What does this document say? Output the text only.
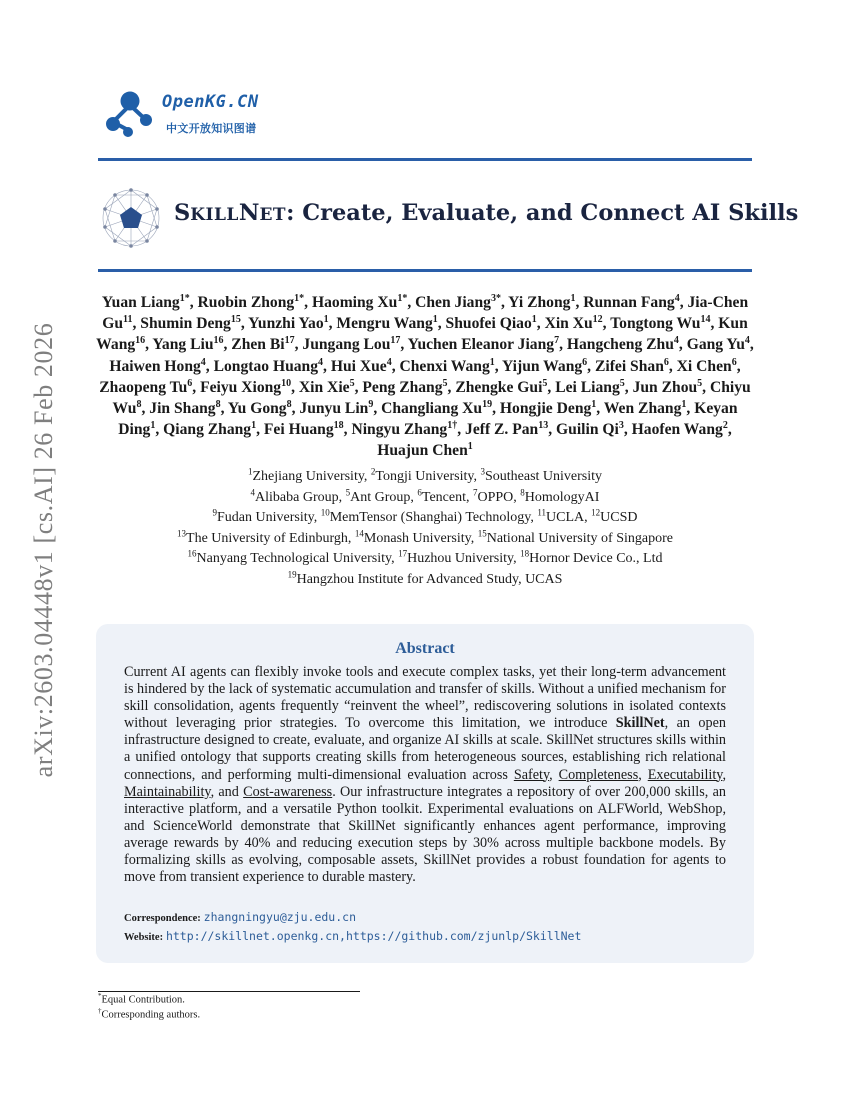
arXiv:2603.04448v1 [cs.AI] 26 Feb 2026
OpenKG.CN
中文开放知识图谱
SKILLNET: Create, Evaluate, and Connect AI Skills
Yuan Liang$^{1*}$, Ruobin Zhong$^{1*}$, Haoming $Xu^{1*}$, Chen Jiang$^{3*}$, Yi Zhong$^1$, Runnan Fang$^4$, Jia-Chen Gu$^{11}$, Shumin Deng$^{15}$, Yunzhi Yao$^1$, Mengru Wang$^1$, Shuofei Qiao$^1$, Xin Xu$^{12}$, Tongtong Wu$^{14}$, Kun Wang$^{16}$, Yang Liu$^{16}$, Zhen Bi$^{17}$, Jungang Lou$^{17}$, Yuchen Eleanor Jiang$^7$, Hangcheng Zhu$^4$, Gang Yu$^4$, Haiwen Hong$^4$, Longtao Huang$^4$, Hui Xue$^4$, Chenxi Wang$^1$, Yijun Wang$^6$, Zifei Shan$^6$, Xi Chen$^6$, Zhaopeng Tu$^6$, Feiyu Xiong$^{10}$, Xin Xie$^5$, Peng Zhang$^5$, Zhengke Gui$^5$, Lei Liang$^5$, Jun Zhou$^5$, Chiyu Wu$^8$, Jin Shang$^8$, Yu Gong$^8$, Junyu Lin$^9$, Changliang Xu$^{19}$, Hongjie Deng$^1$, Wen Zhang$^1$, Keyan Ding$^1$, Qiang Zhang$^1$, Fei Huang$^{18}$, Ningyu Zhang$^{1\dagger}$, Jeff Z. Pan$^{13}$, Guilin Qi$^3$, Haofen Wang$^2$, Huajun Chen$^1$
$^1$Zhejiang University, $^2$Tongji University, $^3$Southeast University
$^4$Alibaba Group, $^5$Ant Group, $^6$Tencent, $^7$OPPO, $^8$HomologyAI
$^9$Fudan University, $^{10}$MemTensor (Shanghai) Technology, $^{11}$UCLA, $^{12}$UCSD
$^{13}$The University of Edinburgh, $^{14}$Monash University, $^{15}$National University of Singapore
$^{16}$Nanyang Technological University, $^{17}$Huzhou University, $^{18}$Hornor Device Co., Ltd
$^{19}$Hangzhou Institute for Advanced Study, UCAS
Abstract
Current AI agents can flexibly invoke tools and execute complex tasks, yet their long-term advancement is hindered by the lack of systematic accumulation and transfer of skills. Without a unified mechanism for skill consolidation, agents frequently “reinvent the wheel”, rediscovering solutions in isolated contexts without leveraging prior strategies. To overcome this limitation, we introduce SkillNet, an open infrastructure designed to create, evaluate, and organize AI skills at scale. SkillNet structures skills within a unified ontology that supports creating skills from heterogeneous sources, establishing rich relational connections, and performing multi-dimensional evaluation across Safety, Completeness, Executability, Maintainability, and Cost-awareness. Our infrastructure integrates a repository of over 200,000 skills, an interactive platform, and a versatile Python toolkit. Experimental evaluations on ALFWorld, WebShop, and ScienceWorld demonstrate that SkillNet significantly enhances agent performance, improving average rewards by 40% and reducing execution steps by 30% across multiple backbone models. By formalizing skills as evolving, composable assets, SkillNet provides a robust foundation for agents to move from transient experience to durable mastery.
Correspondence: zhangningyu@zju.edu.cn
Website: http://skillnet.openkg.cn,https://github.com/zjunlp/SkillNet
*Equal Contribution.
†Corresponding authors.
